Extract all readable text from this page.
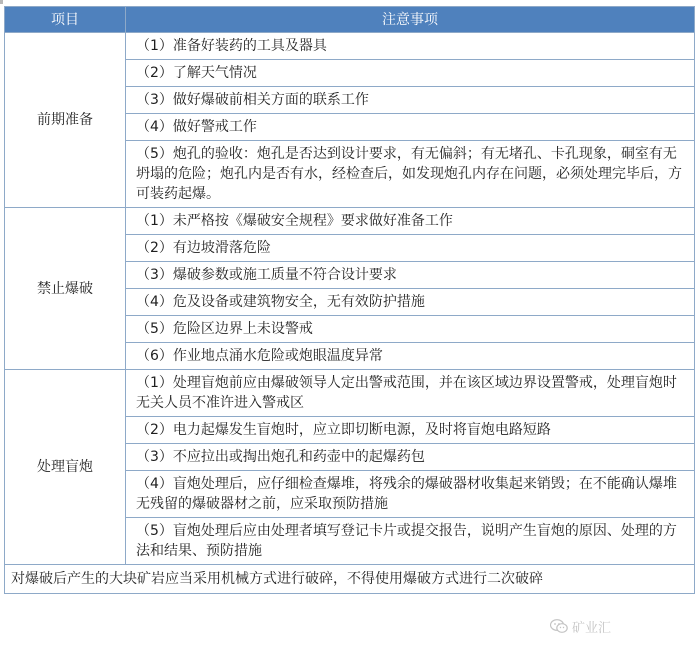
项目	注意事项
前期准备	（1）准备好装药的工具及器具
	（2）了解天气情况
	（3）做好爆破前相关方面的联系工作
	（4）做好警戒工作
	（5）炮孔的验收：炮孔是否达到设计要求，有无偏斜；有无堵孔、卡孔现象，硐室有无坍塌的危险；炮孔内是否有水，经检查后，如发现炮孔内存在问题，必须处理完毕后，方可装药起爆。
禁止爆破	（1）未严格按《爆破安全规程》要求做好准备工作
	（2）有边坡滑落危险
	（3）爆破参数或施工质量不符合设计要求
	（4）危及设备或建筑物安全，无有效防护措施
	（5）危险区边界上未设警戒
	（6）作业地点涌水危险或炮眼温度异常
处理盲炮	（1）处理盲炮前应由爆破领导人定出警戒范围，并在该区域边界设置警戒，处理盲炮时无关人员不准许进入警戒区
	（2）电力起爆发生盲炮时，应立即切断电源，及时将盲炮电路短路
	（3）不应拉出或掏出炮孔和药壶中的起爆药包
	（4）盲炮处理后，应仔细检查爆堆，将残余的爆破器材收集起来销毁；在不能确认爆堆无残留的爆破器材之前，应采取预防措施
	（5）盲炮处理后应由处理者填写登记卡片或提交报告，说明产生盲炮的原因、处理的方法和结果、预防措施
对爆破后产生的大块矿岩应当采用机械方式进行破碎，不得使用爆破方式进行二次破碎	
矿业汇
